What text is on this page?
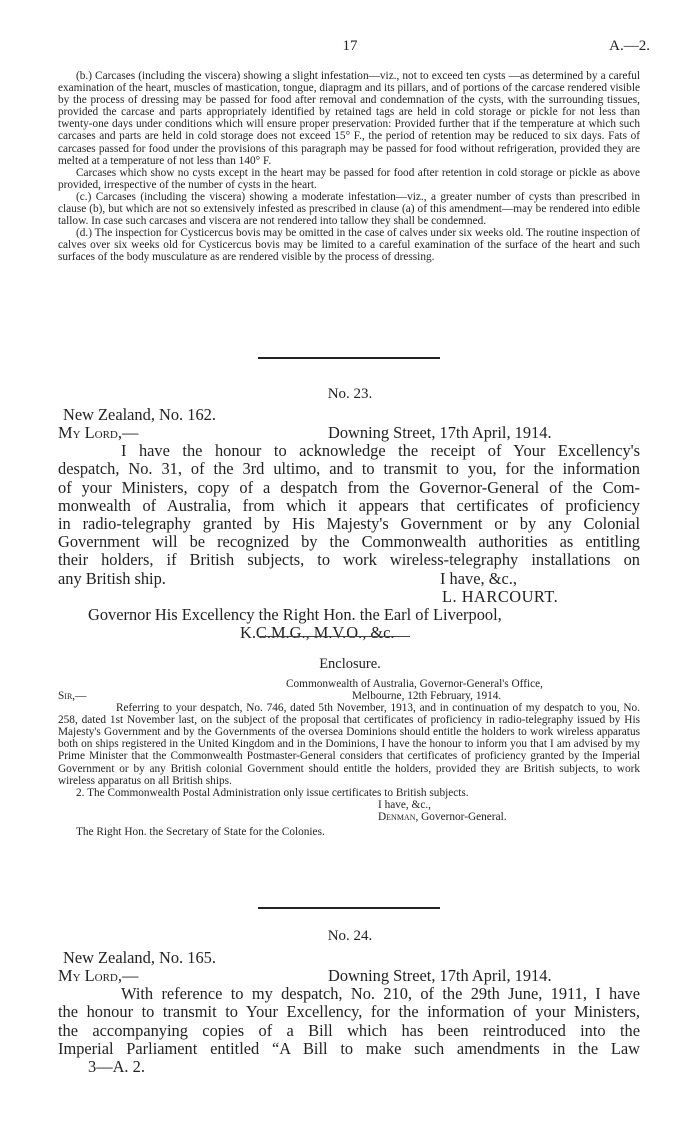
17	A.—2.

(b.) Carcases (including the viscera) showing a slight infestation—viz., not to exceed ten cysts —as determined by a careful examination of the heart, muscles of mastication, tongue, diapragm and its pillars, and of portions of the carcase rendered visible by the process of dressing may be passed for food after removal and condemnation of the cysts, with the surrounding tissues, provided the carcase and parts appropriately identified by retained tags are held in cold storage or pickle for not less than twenty-one days under conditions which will ensure proper preservation: Provided further that if the temperature at which such carcases and parts are held in cold storage does not exceed 15° F., the period of retention may be reduced to six days. Fats of carcases passed for food under the provisions of this paragraph may be passed for food without refrigeration, provided they are melted at a temperature of not less than 140° F.

Carcases which show no cysts except in the heart may be passed for food after retention in cold storage or pickle as above provided, irrespective of the number of cysts in the heart.

(c.) Carcases (including the viscera) showing a moderate infestation—viz., a greater number of cysts than prescribed in clause (b), but which are not so extensively infested as prescribed in clause (a) of this amendment—may be rendered into edible tallow. In case such carcases and viscera are not rendered into tallow they shall be condemned.

(d.) The inspection for Cysticercus bovis may be omitted in the case of calves under six weeks old. The routine inspection of calves over six weeks old for Cysticercus bovis may be limited to a careful examination of the surface of the heart and such surfaces of the body musculature as are rendered visible by the process of dressing.

No. 23.
New Zealand, No. 162.
My Lord,—	Downing Street, 17th April, 1914.
I have the honour to acknowledge the receipt of Your Excellency's
despatch, No. 31, of the 3rd ultimo, and to transmit to you, for the information
of your Ministers, copy of a despatch from the Governor-General of the Com-
monwealth of Australia, from which it appears that certificates of proficiency
in radio-telegraphy granted by His Majesty's Government or by any Colonial
Government will be recognized by the Commonwealth authorities as entitling
their holders, if British subjects, to work wireless-telegraphy installations on
any British ship.	I have, &c.,
L. HARCOURT.
Governor His Excellency the Right Hon. the Earl of Liverpool,
K.C.M.G., M.V.O., &c.
Enclosure.
Commonwealth of Australia, Governor-General's Office,
Sir,—	Melbourne, 12th February, 1914.

Referring to your despatch, No. 746, dated 5th November, 1913, and in continuation of my despatch to you, No. 258, dated 1st November last, on the subject of the proposal that certificates of proficiency in radio-telegraphy issued by His Majesty's Government and by the Governments of the oversea Dominions should entitle the holders to work wireless apparatus both on ships registered in the United Kingdom and in the Dominions, I have the honour to inform you that I am advised by my Prime Minister that the Commonwealth Postmaster-General considers that certificates of proficiency granted by the Imperial Government or by any British colonial Government should entitle the holders, provided they are British subjects, to work wireless apparatus on all British ships.

2. The Commonwealth Postal Administration only issue certificates to British subjects.

I have, &c.,
Denman, Governor-General.
The Right Hon. the Secretary of State for the Colonies.
No. 24.
New Zealand, No. 165.
My Lord,—	Downing Street, 17th April, 1914.
With reference to my despatch, No. 210, of the 29th June, 1911, I have
the honour to transmit to Your Excellency, for the information of your Ministers,
the accompanying copies of a Bill which has been reintroduced into the
Imperial Parliament entitled “A Bill to make such amendments in the Law
3—A. 2.
